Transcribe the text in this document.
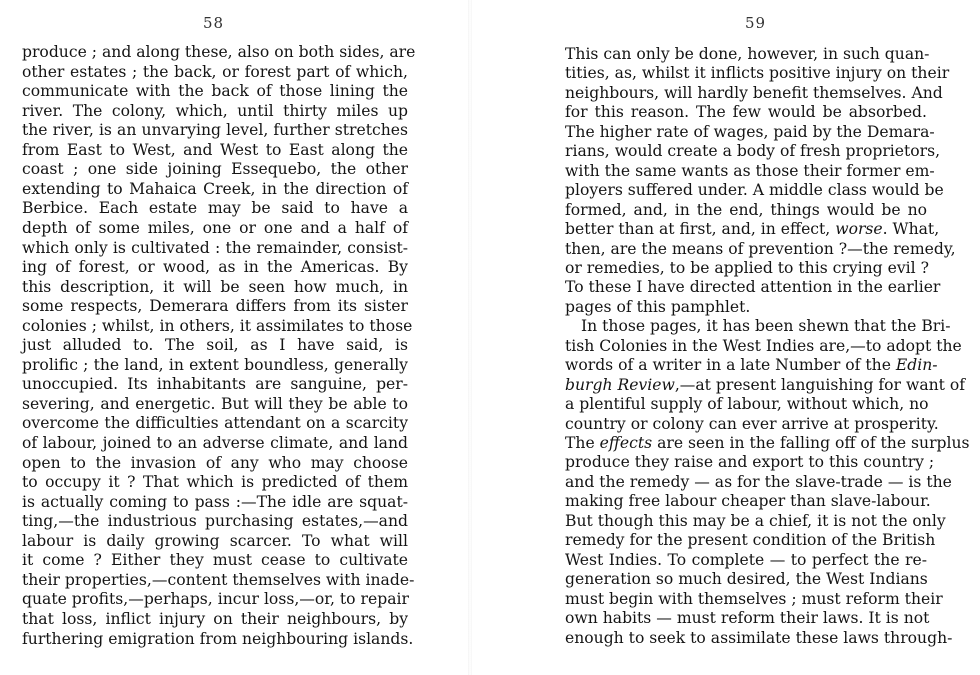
58
produce ; and along these, also on both sides, are
other estates ; the back, or forest part of which,
communicate with the back of those lining the
river. The colony, which, until thirty miles up
the river, is an unvarying level, further stretches
from East to West, and West to East along the
coast ; one side joining Essequebo, the other
extending to Mahaica Creek, in the direction of
Berbice. Each estate may be said to have a
depth of some miles, one or one and a half of
which only is cultivated : the remainder, consist-
ing of forest, or wood, as in the Americas. By
this description, it will be seen how much, in
some respects, Demerara differs from its sister
colonies ; whilst, in others, it assimilates to those
just alluded to. The soil, as I have said, is
prolific ; the land, in extent boundless, generally
unoccupied. Its inhabitants are sanguine, per-
severing, and energetic. But will they be able to
overcome the difficulties attendant on a scarcity
of labour, joined to an adverse climate, and land
open to the invasion of any who may choose
to occupy it ? That which is predicted of them
is actually coming to pass :—The idle are squat-
ting,—the industrious purchasing estates,—and
labour is daily growing scarcer. To what will
it come ? Either they must cease to cultivate
their properties,—content themselves with inade-
quate profits,—perhaps, incur loss,—or, to repair
that loss, inflict injury on their neighbours, by
furthering emigration from neighbouring islands.
59
This can only be done, however, in such quan-
tities, as, whilst it inflicts positive injury on their
neighbours, will hardly benefit themselves. And
for this reason. The few would be absorbed.
The higher rate of wages, paid by the Demara-
rians, would create a body of fresh proprietors,
with the same wants as those their former em-
ployers suffered under. A middle class would be
formed, and, in the end, things would be no
better than at first, and, in effect, worse. What,
then, are the means of prevention ?—the remedy,
or remedies, to be applied to this crying evil ?
To these I have directed attention in the earlier
pages of this pamphlet.
In those pages, it has been shewn that the Bri-
tish Colonies in the West Indies are,—to adopt the
words of a writer in a late Number of the Edin-
burgh Review,—at present languishing for want of
a plentiful supply of labour, without which, no
country or colony can ever arrive at prosperity.
The effects are seen in the falling off of the surplus
produce they raise and export to this country ;
and the remedy — as for the slave-trade — is the
making free labour cheaper than slave-labour.
But though this may be a chief, it is not the only
remedy for the present condition of the British
West Indies. To complete — to perfect the re-
generation so much desired, the West Indians
must begin with themselves ; must reform their
own habits — must reform their laws. It is not
enough to seek to assimilate these laws through-
